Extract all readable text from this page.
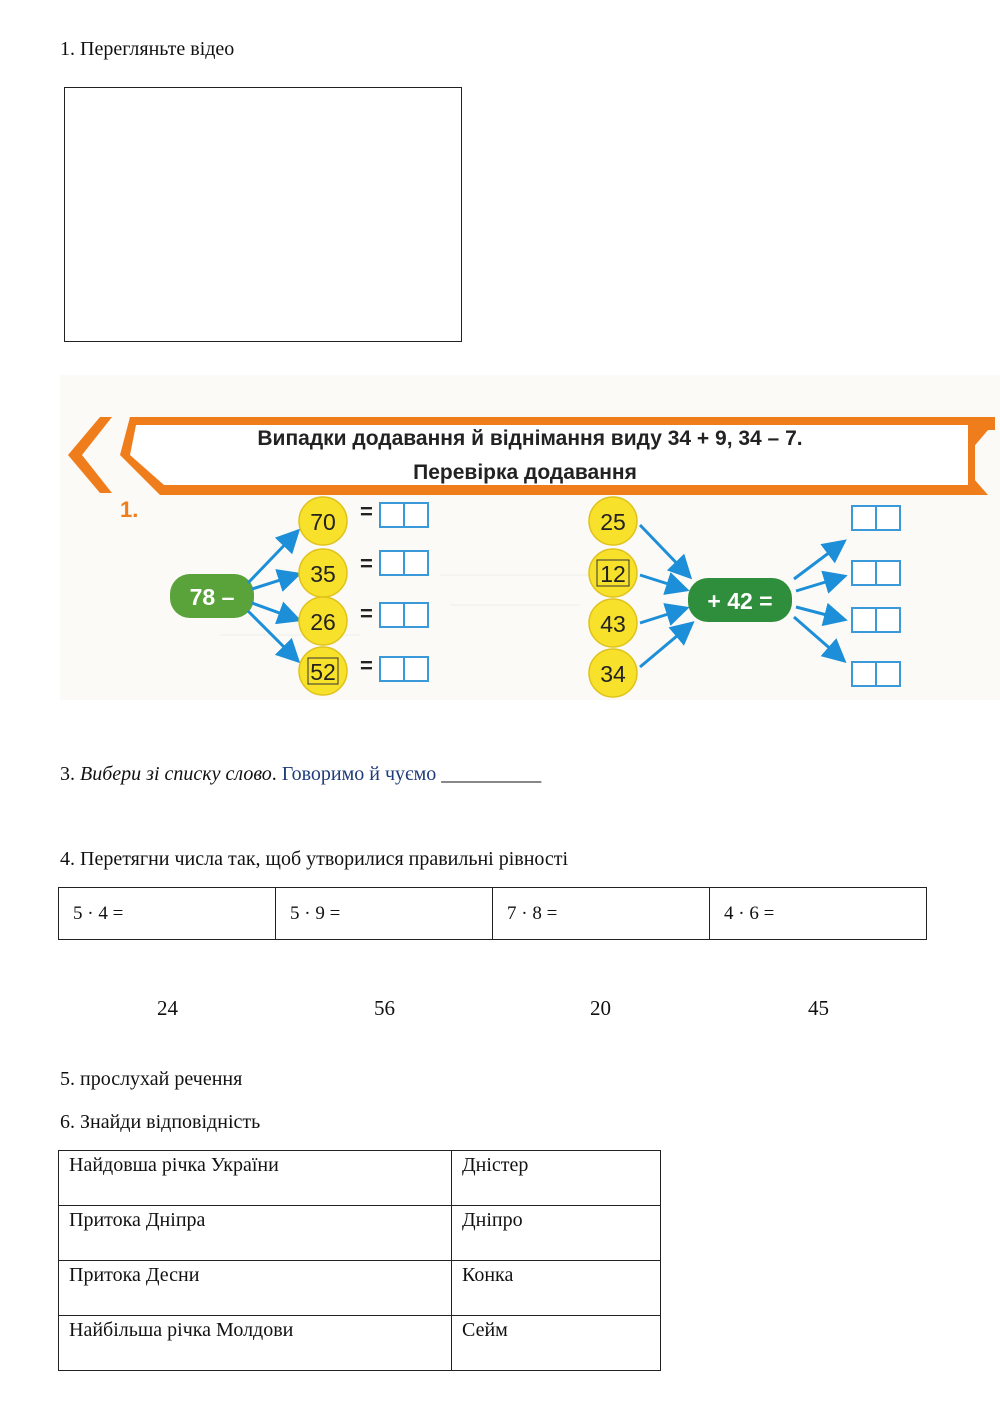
1. Перегляньте відео
Випадки додавання й віднімання виду 34 + 9, 34 – 7.
Перевірка додавання
1.
78 –
70
35
26
52
=
=
=
=
25
12
43
34
+ 42 =
3. Вибери зі списку слово. Говоримо й чуємо __________
4. Перетягни числа так, щоб утворилися правильні рівності
5 · 4 =	5 · 9 =	7 · 8 =	4 · 6 =
24	56	20	45
5. прослухай речення
6. Знайди відповідність
Найдовша річка України	Дністер
Притока Дніпра	Дніпро
Притока Десни	Конка
Найбільша річка Молдови	Сейм
